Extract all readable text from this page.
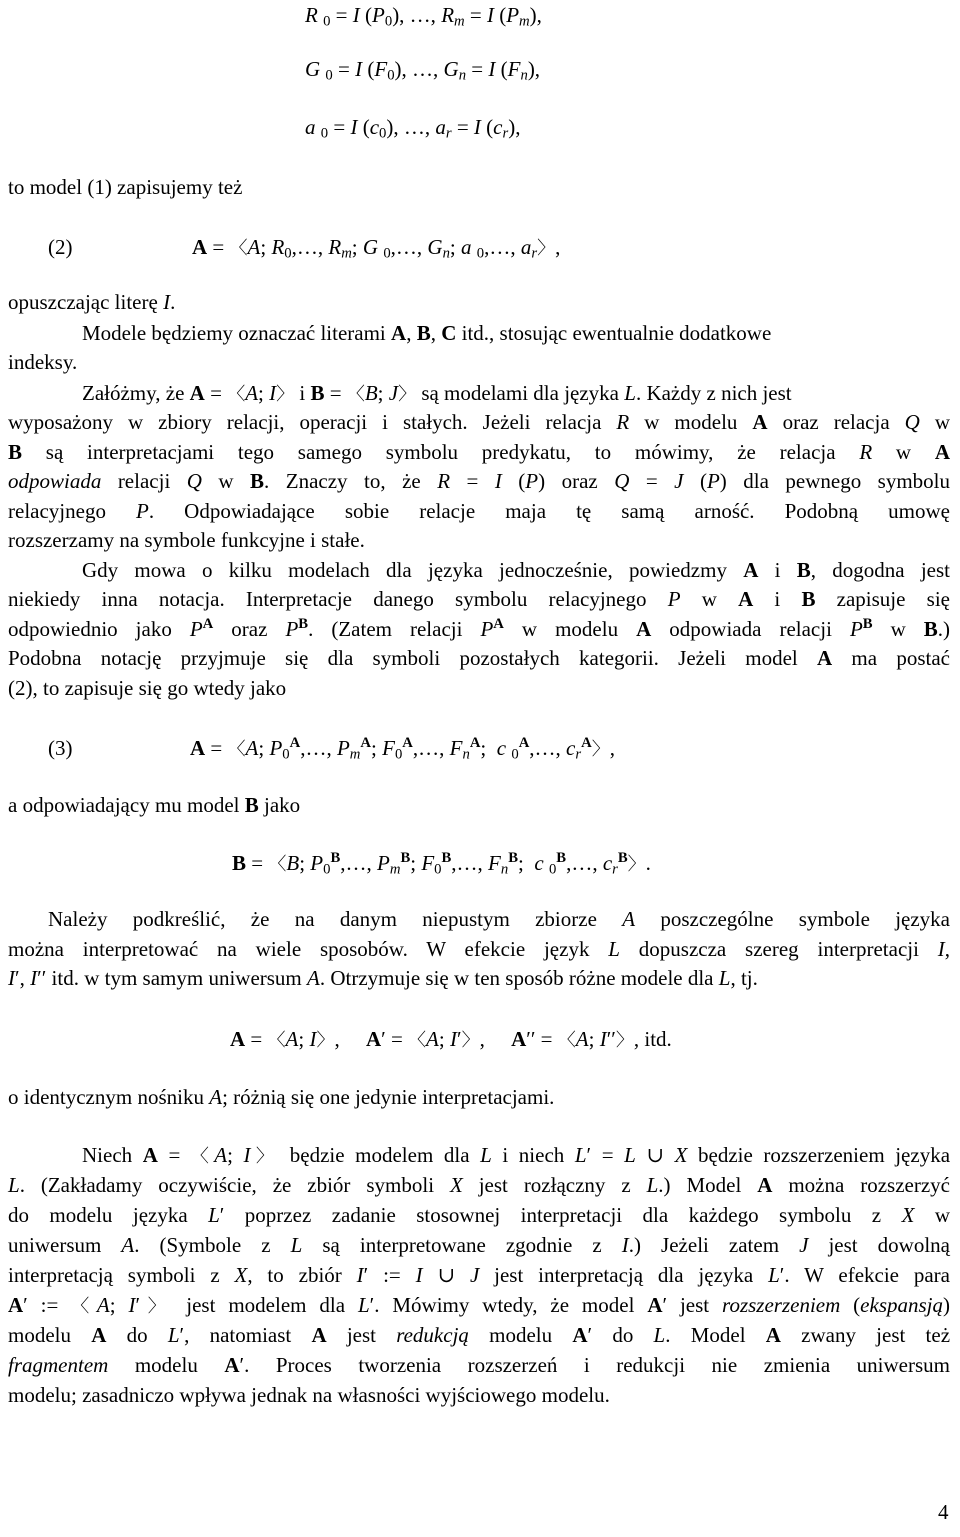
R $_0$ = I $(P_0)$, …, $R_m = I$ $(P_m)$,
G $_0$ = I $(F_0)$, …, $G_n = I$ $(F_n)$,
a $_0$ = I $(c_0)$, …, $a_r = I$ $(c_r)$,
to model (1) zapisujemy też
(2)	A = 〈A; $R_0,\dots$, $R_m$; G $_0$,…, $G_n$; a $_0$,…, $a_r$〉,
opuszczając literę I.
Modele będziemy oznaczać literami A, B, C itd., stosując ewentualnie dodatkowe
indeksy.
Załóżmy, że A = 〈A; I〉 i B = 〈B; J〉 są modelami dla języka L. Każdy z nich jest
wyposażony w zbiory relacji, operacji i stałych. Jeżeli relacja R w modelu A oraz relacja Q w
B są interpretacjami tego samego symbolu predykatu, to mówimy, że relacja R w A
odpowiada relacji Q w B. Znaczy to, że R = I (P) oraz Q = J (P) dla pewnego symbolu
relacyjnego P. Odpowiadające sobie relacje maja tę samą arność. Podobną umowę
rozszerzamy na symbole funkcyjne i stałe.
Gdy mowa o kilku modelach dla języka jednocześnie, powiedzmy A i B, dogodna jest
niekiedy inna notacja. Interpretacje danego symbolu relacyjnego P w A i B zapisuje się
odpowiednio jako $P^A$ oraz $P^B$. (Zatem relacji $P^A$ w modelu A odpowiada relacji $P^B$ w B.)
Podobna notację przyjmuje się dla symboli pozostałych kategorii. Jeżeli model A ma postać
(2), to zapisuje się go wtedy jako
(3)	A = 〈A; $P_0^A,\dots$, $P_m^A$; $F_0^A,\dots$, $F_n^A$;  c $_0^A$,…, $c_r^A$〉,
a odpowiadający mu model B jako
B = 〈B; $P_0^B,\dots$, $P_m^B$; $F_0^B,\dots$, $F_n^B$;  c $_0^B$,…, $c_r^B$〉.
Należy podkreślić, że na danym niepustym zbiorze A poszczególne symbole języka
można interpretować na wiele sposobów. W efekcie język L dopuszcza szereg interpretacji I,
I′, I′′ itd. w tym samym uniwersum A. Otrzymuje się w ten sposób różne modele dla L, tj.
A = 〈A; I〉,     A′ = 〈A; I′〉,     A′′ = 〈A; I′′〉, itd.
o identycznym nośniku A; różnią się one jedynie interpretacjami.
Niech A = 〈A; I〉 będzie modelem dla L i niech L′ = L ∪ X będzie rozszerzeniem języka
L. (Zakładamy oczywiście, że zbiór symboli X jest rozłączny z L.) Model A można rozszerzyć
do modelu języka L′ poprzez zadanie stosownej interpretacji dla każdego symbolu z X w
uniwersum A. (Symbole z L są interpretowane zgodnie z I.) Jeżeli zatem J jest dowolną
interpretacją symboli z X, to zbiór I′ := I ∪ J jest interpretacją dla języka L′. W efekcie para
A′ := 〈A; I′〉 jest modelem dla L′. Mówimy wtedy, że model A′ jest rozszerzeniem (ekspansją)
modelu A do L′, natomiast A jest redukcją modelu A′ do L. Model A zwany jest też
fragmentem modelu A′. Proces tworzenia rozszerzeń i redukcji nie zmienia uniwersum
modelu; zasadniczo wpływa jednak na własności wyjściowego modelu.
4
